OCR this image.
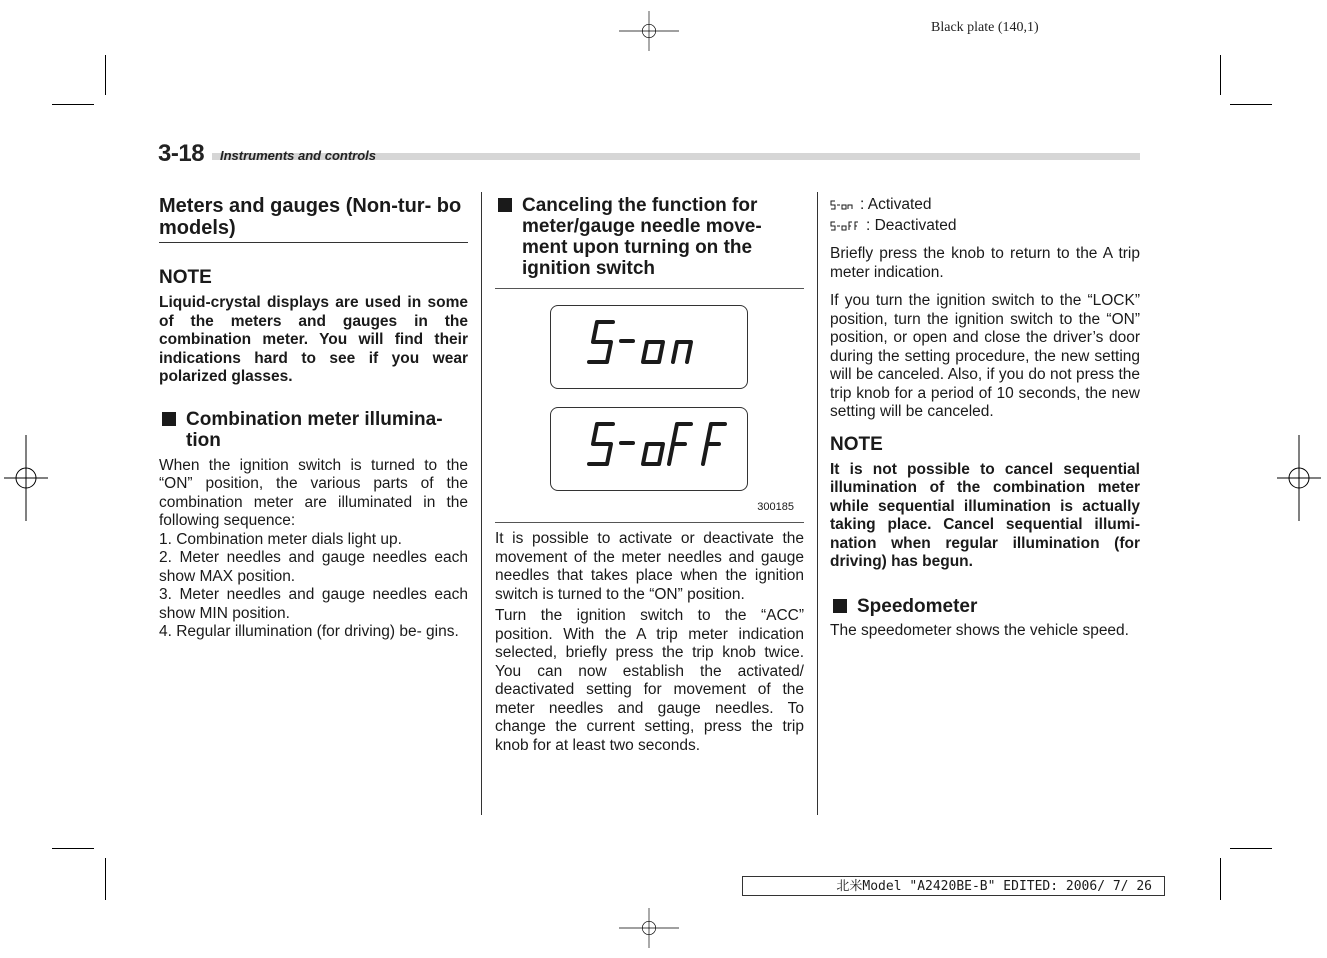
Black plate (140,1)
3-18 Instruments and controls
Meters and gauges (Non-tur- bo models)
NOTE

Liquid-crystal displays are used in some of the meters and gauges in the combination meter. You will find their indications hard to see if you wear polarized glasses.

Combination meter illumina- tion

When the ignition switch is turned to the “ON” position, the various parts of the combination meter are illuminated in the following sequence:

1. Combination meter dials light up.

2. Meter needles and gauge needles each show MAX position.

3. Meter needles and gauge needles each show MIN position.

4. Regular illumination (for driving) be- gins.

Canceling the function for meter/gauge needle move- ment upon turning on the ignition switch
300185

It is possible to activate or deactivate the movement of the meter needles and gauge needles that takes place when the ignition switch is turned to the “ON” position.

Turn the ignition switch to the “ACC” position. With the A trip meter indication selected, briefly press the trip knob twice. You can now establish the activated/ deactivated setting for movement of the meter needles and gauge needles. To change the current setting, press the trip knob for at least two seconds.

: Activated
: Deactivated

Briefly press the knob to return to the A trip meter indication.

If you turn the ignition switch to the “LOCK” position, turn the ignition switch to the “ON” position, or open and close the driver’s door during the setting procedure, the new setting will be canceled. Also, if you do not press the trip knob for a period of 10 seconds, the new setting will be canceled.

NOTE

It is not possible to cancel sequential illumination of the combination meter while sequential illumination is actually taking place. Cancel sequential illumi- nation when regular illumination (for driving) has begun.

Speedometer

The speedometer shows the vehicle speed.

北米Model "A2420BE-B" EDITED: 2006/ 7/ 26
